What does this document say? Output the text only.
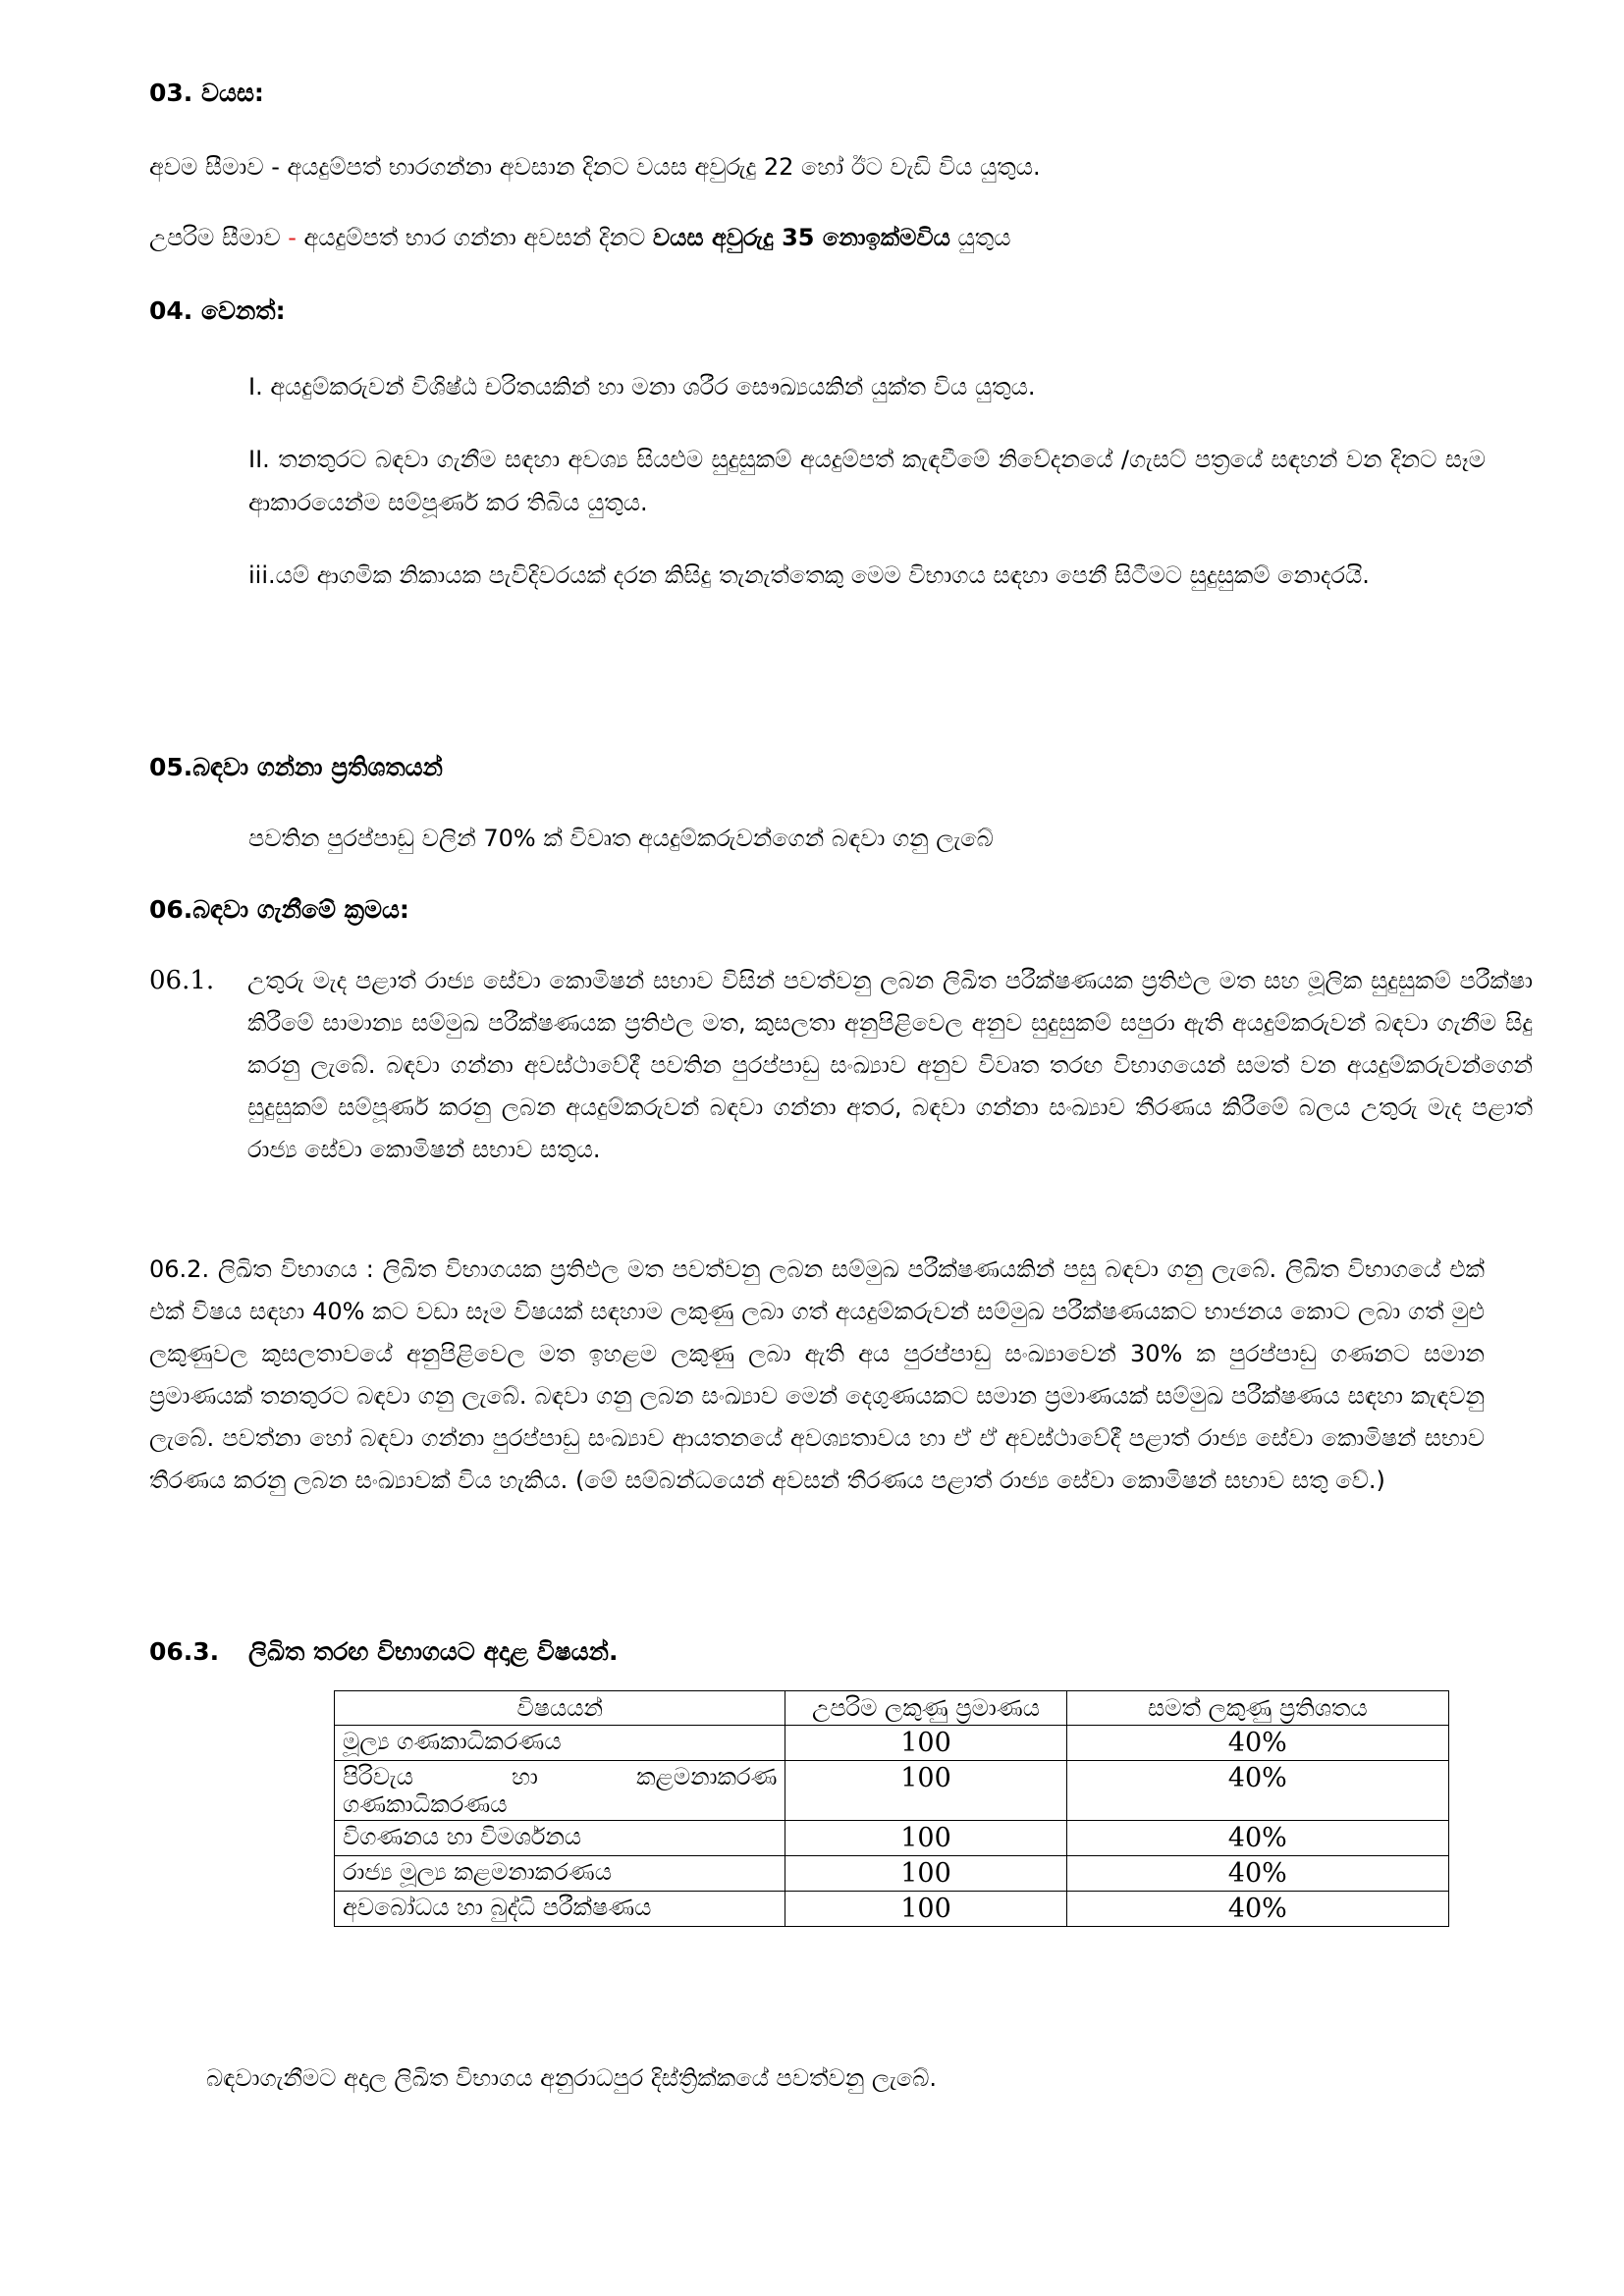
03. වයස:
අවම සීමාව - අයදුම්පත් භාරගන්නා අවසාන දිනට වයස අවුරුදු 22 හෝ ඊට වැඩි විය යුතුය.
උපරිම සීමාව - අයදුම්පත් භාර ගන්නා අවසන් දිනට වයස අවුරුදු 35 නොඉක්මවිය යුතුය
04. වෙනත්:
I. අයදුම්කරුවන් විශිෂ්ඨ චරිතයකින් හා මනා ශරීර සෞඛ්‍යයකින් යුක්ත විය යුතුය.
II. තනතුරට බඳවා ගැනීම සඳහා අවශ්‍ය සියළුම සුදුසුකම් අයදුම්පත් කැඳවීමේ නිවේදනයේ /ගැසට් පත්‍රයේ සඳහන් වන දිනට සෑම ආකාරයෙන්ම සම්පූර්ණ කර තිබිය යුතුය.
iii.යම් ආගමික නිකායක පැවිදිවරයක් දරන කිසිදු තැනැත්තෙකු මෙම විභාගය සඳහා පෙනී සිටීමට සුදුසුකම් නොදරයි.
05.බඳවා ගන්නා ප්‍රතිශතයන්
පවතින පුරප්පාඩු වලින් 70% ක් විවෘත අයදුම්කරුවන්ගෙන් බඳවා ගනු ලැබේ
06.බඳවා ගැනීමේ ක්‍රමය:
06.1. උතුරු මැද පළාත් රාජ්‍ය සේවා කොමිෂන් සභාව විසින් පවත්වනු ලබන ලිඛිත පරීක්ෂණයක ප්‍රතිඵල මත සහ මූලික සුදුසුකම් පරීක්ෂා කිරීමේ සාමාන්‍ය සම්මුඛ පරීක්ෂණයක ප්‍රතිඵල මත, කුසලතා අනුපිළිවෙල අනුව සුදුසුකම් සපුරා ඇති අයදුම්කරුවන් බඳවා ගැනීම සිදු කරනු ලැබේ. බඳවා ගන්නා අවස්ථාවේදී පවතින පුරප්පාඩු සංඛ්‍යාව අනුව විවෘත තරඟ විභාගයෙන් සමත් වන අයදුම්කරුවන්ගෙන් සුදුසුකම් සම්පූර්ණ කරනු ලබන අයදුම්කරුවන් බඳවා ගන්නා අතර, බඳවා ගන්නා සංඛ්‍යාව තීරණය කිරීමේ බලය උතුරු මැද පළාත් රාජ්‍ය සේවා කොමිෂන් සභාව සතුය.
06.2. ලිඛිත විභාගය : ලිඛිත විභාගයක ප්‍රතිඵල මත පවත්වනු ලබන සම්මුඛ පරීක්ෂණයකින් පසු බඳවා ගනු ලැබේ. ලිඛිත විභාගයේ එක් එක් විෂය සඳහා 40% කට වඩා සෑම විෂයක් සඳහාම ලකුණු ලබා ගත් අයදුම්කරුවන් සම්මුඛ පරීක්ෂණයකට භාජනය කොට ලබා ගත් මුළු ලකුණුවල කුසලතාවයේ අනුපිළිවෙල මත ඉහළම ලකුණු ලබා ඇති අය පුරප්පාඩු සංඛ්‍යාවෙන් 30% ක පුරප්පාඩු ගණනට සමාන ප්‍රමාණයක් තනතුරට බඳවා ගනු ලැබේ. බඳවා ගනු ලබන සංඛ්‍යාව මෙන් දෙගුණයකට සමාන ප්‍රමාණයක් සම්මුඛ පරීක්ෂණය සඳහා කැඳවනු ලැබේ. පවත්නා හෝ බඳවා ගන්නා පුරප්පාඩු සංඛ්‍යාව ආයතනයේ අවශ්‍යතාවය හා ඒ ඒ අවස්ථාවේදී පළාත් රාජ්‍ය සේවා කොමිෂන් සභාව තීරණය කරනු ලබන සංඛ්‍යාවක් විය හැකිය. (මේ සම්බන්ධයෙන් අවසන් තීරණය පළාත් රාජ්‍ය සේවා කොමිෂන් සභාව සතු වේ.)
06.3. ලිඛිත තරඟ විභාගයට අදාළ විෂයන්.
විෂයයන්	උපරිම ලකුණු ප්‍රමාණය	සමත් ලකුණු ප්‍රතිශතය
මූල්‍ය ගණකාධිකරණය	100	40%

පිරිවැය හා කළමනාකරණ
ගණකාධිකරණය	100	40%
විගණනය හා විමර්ශනය	100	40%
රාජ්‍ය මූල්‍ය කළමනාකරණය	100	40%
අවබෝධය හා බුද්ධි පරීක්ෂණය	100	40%
බඳවාගැනීමට අදාල ලිඛිත විභාගය අනුරාධපුර දිස්ත්‍රික්කයේ පවත්වනු ලැබේ.
